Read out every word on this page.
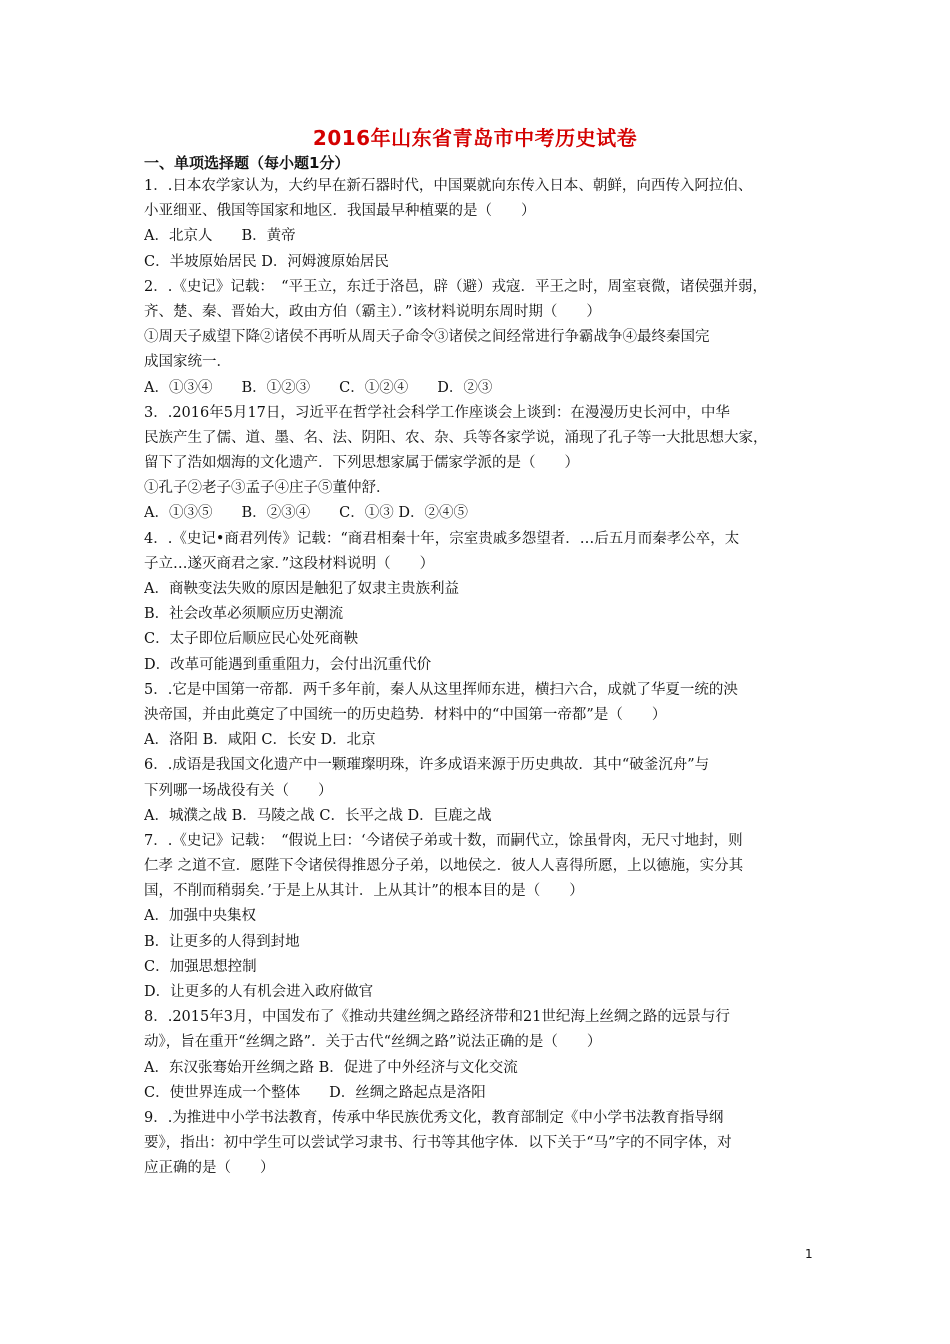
2016年山东省青岛市中考历史试卷
一、单项选择题（每小题1分）
1．.日本农学家认为，大约早在新石器时代，中国粟就向东传入日本、朝鲜，向西传入阿拉伯、
小亚细亚、俄国等国家和地区．我国最早种植粟的是（　　）
A．北京人　　B．黄帝
C．半坡原始居民 D．河姆渡原始居民
2．.《史记》记载：　“平王立，东迁于洛邑，辟（避）戎寇．平王之时，周室衰微，诸侯强并弱，
齐、楚、秦、晋始大，政由方伯（霸主）．”该材料说明东周时期（　　）
①周天子威望下降②诸侯不再听从周天子命令③诸侯之间经常进行争霸战争④最终秦国完
成国家统一．
A．①③④　　B．①②③　　C．①②④　　D．②③
3．.2016年5月17日，习近平在哲学社会科学工作座谈会上谈到：在漫漫历史长河中，中华
民族产生了儒、道、墨、名、法、阴阳、农、杂、兵等各家学说，涌现了孔子等一大批思想大家，
留下了浩如烟海的文化遗产．下列思想家属于儒家学派的是（　　）
①孔子②老子③孟子④庄子⑤董仲舒．
A．①③⑤　　B．②③④　　C．①③ D．②④⑤
4．.《史记•商君列传》记载：“商君相秦十年，宗室贵戚多怨望者．…后五月而秦孝公卒，太
子立…遂灭商君之家．”这段材料说明（　　）
A．商鞅变法失败的原因是触犯了奴隶主贵族利益
B．社会改革必须顺应历史潮流
C．太子即位后顺应民心处死商鞅
D．改革可能遇到重重阻力，会付出沉重代价
5．.它是中国第一帝都．两千多年前，秦人从这里挥师东进，横扫六合，成就了华夏一统的泱
泱帝国，并由此奠定了中国统一的历史趋势．材料中的“中国第一帝都”是（　　）
A．洛阳 B．咸阳 C．长安 D．北京
6．.成语是我国文化遗产中一颗璀璨明珠，许多成语来源于历史典故．其中“破釜沉舟”与
下列哪一场战役有关（　　）
A．城濮之战 B．马陵之战 C．长平之战 D．巨鹿之战
7．.《史记》记载：　“假说上曰：‘今诸侯子弟或十数，而嗣代立，馀虽骨肉，无尺寸地封，则
仁孝 之道不宣．愿陛下令诸侯得推恩分子弟，以地侯之．彼人人喜得所愿，上以德施，实分其
国，不削而稍弱矣．’于是上从其计．上从其计”的根本目的是（　　）
A．加强中央集权
B．让更多的人得到封地
C．加强思想控制
D．让更多的人有机会进入政府做官
8．.2015年3月，中国发布了《推动共建丝绸之路经济带和21世纪海上丝绸之路的远景与行
动》，旨在重开“丝绸之路”．关于古代“丝绸之路”说法正确的是（　　）
A．东汉张骞始开丝绸之路 B．促进了中外经济与文化交流
C．使世界连成一个整体　　D．丝绸之路起点是洛阳
9．.为推进中小学书法教育，传承中华民族优秀文化，教育部制定《中小学书法教育指导纲
要》，指出：初中学生可以尝试学习隶书、行书等其他字体．以下关于“马”字的不同字体，对
应正确的是（　　）
1
